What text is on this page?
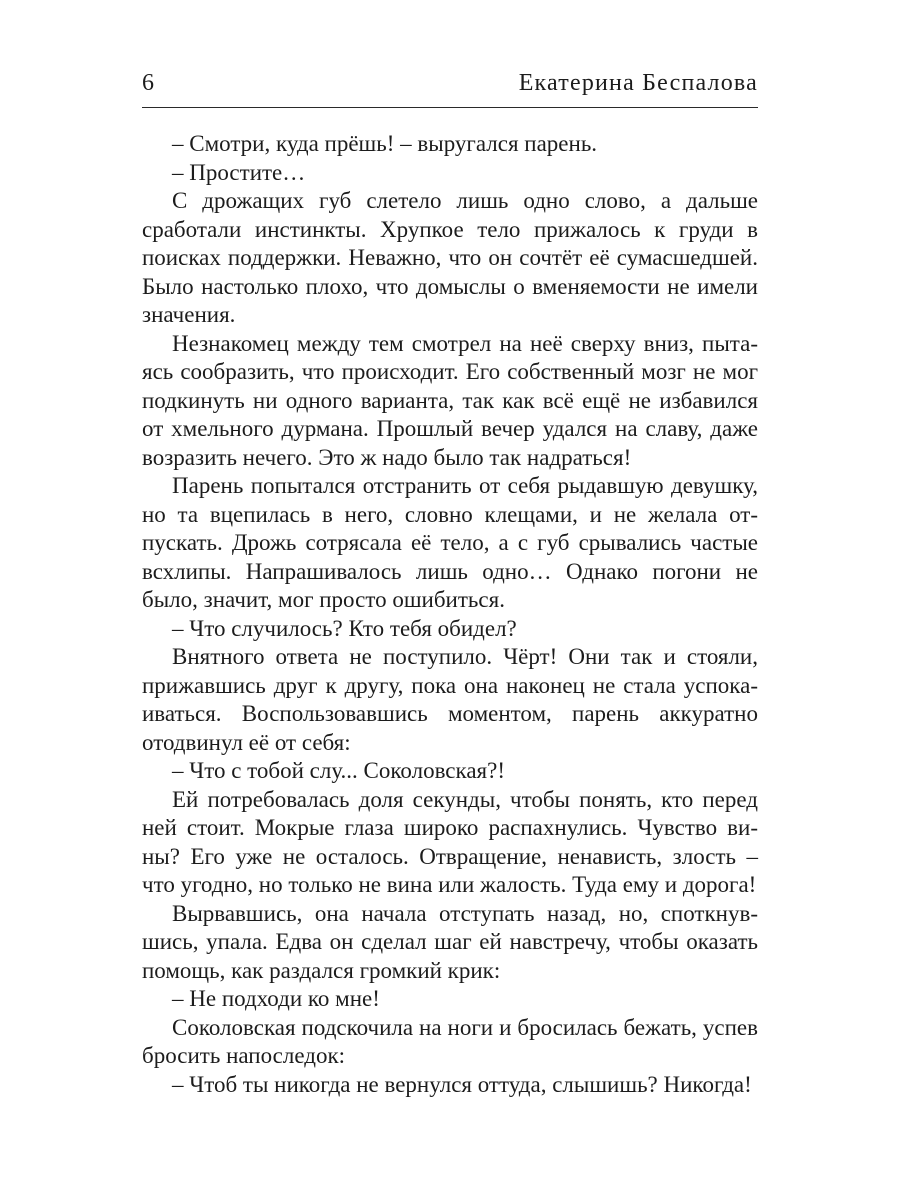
6	Екатерина Беспалова

– Смотри, куда прёшь! – выругался парень.

– Простите…

С дрожащих губ слетело лишь одно слово, а дальше сработали инстинкты. Хрупкое тело прижалось к груди в поисках поддержки. Неважно, что он сочтёт её сумасшедшей. Было настолько плохо, что домыслы о вменяемости не имели значения.

Незнакомец между тем смотрел на неё сверху вниз, пытаясь сообразить, что происходит. Его собственный мозг не мог подкинуть ни одного варианта, так как всё ещё не избавился от хмельного дурмана. Прошлый вечер удался на славу, даже возразить нечего. Это ж надо было так надраться!

Парень попытался отстранить от себя рыдавшую девушку, но та вцепилась в него, словно клещами, и не желала отпускать. Дрожь сотрясала её тело, а с губ срывались частые всхлипы. Напрашивалось лишь одно… Однако погони не было, значит, мог просто ошибиться.

– Что случилось? Кто тебя обидел?

Внятного ответа не поступило. Чёрт! Они так и стояли, прижавшись друг к другу, пока она наконец не стала успокаиваться. Воспользовавшись моментом, парень аккуратно отодвинул её от себя:

– Что с тобой слу... Соколовская?!

Ей потребовалась доля секунды, чтобы понять, кто перед ней стоит. Мокрые глаза широко распахнулись. Чувство вины? Его уже не осталось. Отвращение, ненависть, злость – что угодно, но только не вина или жалость. Туда ему и дорога!

Вырвавшись, она начала отступать назад, но, споткнувшись, упала. Едва он сделал шаг ей навстречу, чтобы оказать помощь, как раздался громкий крик:

– Не подходи ко мне!

Соколовская подскочила на ноги и бросилась бежать, успев бросить напоследок:

– Чтоб ты никогда не вернулся оттуда, слышишь? Никогда!
